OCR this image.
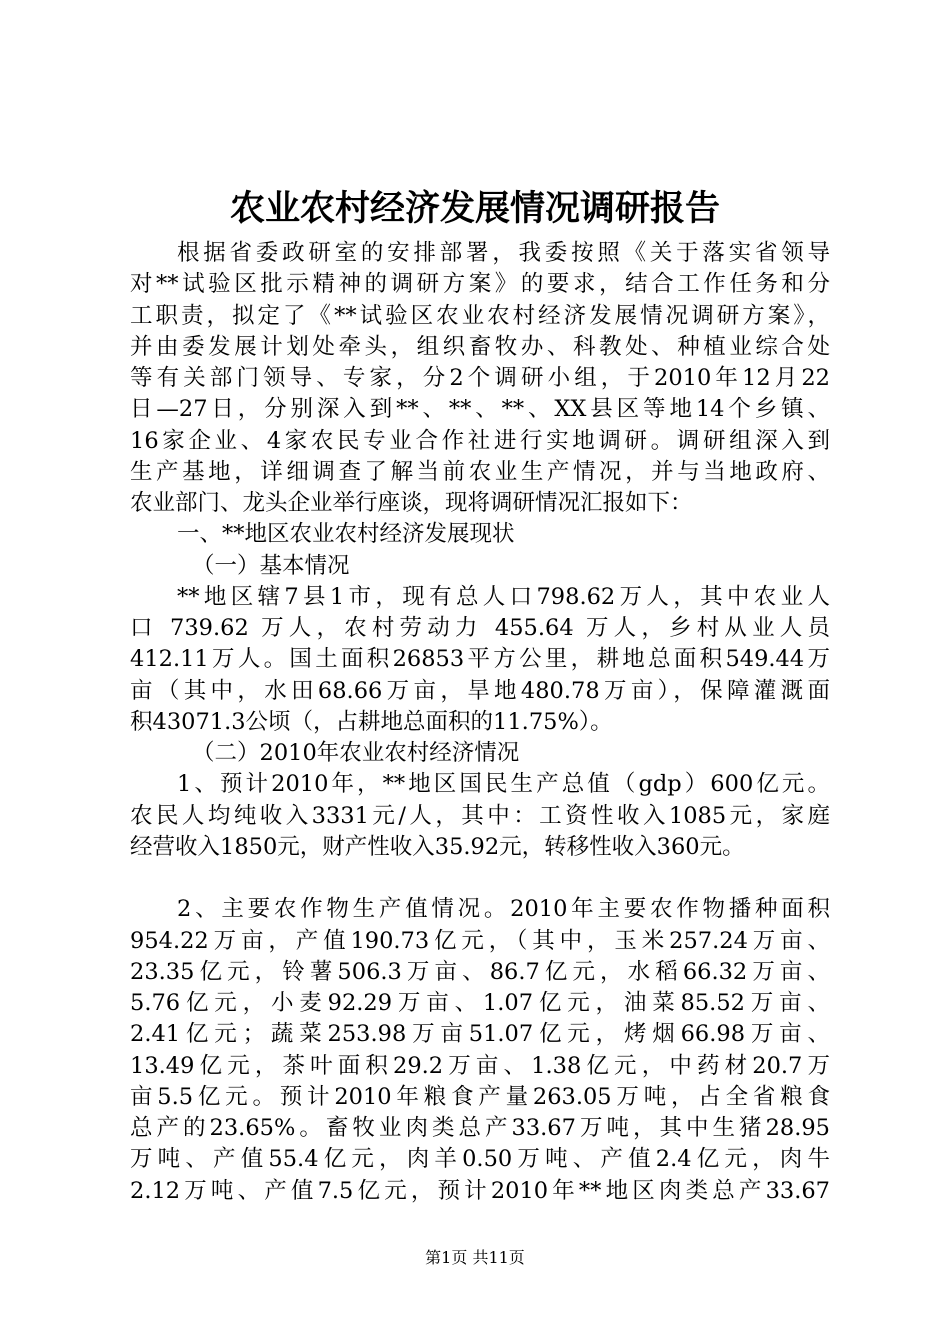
农业农村经济发展情况调研报告
根据省委政研室的安排部署，我委按照《关于落实省领导
对**试验区批示精神的调研方案》的要求，结合工作任务和分
工职责，拟定了《**试验区农业农村经济发展情况调研方案》，
并由委发展计划处牵头，组织畜牧办、科教处、种植业综合处
等有关部门领导、专家，分2个调研小组，于2010年12月22
日—27日，分别深入到**、**、**、XX县区等地14个乡镇、
16家企业、4家农民专业合作社进行实地调研。调研组深入到
生产基地，详细调查了解当前农业生产情况，并与当地政府、
农业部门、龙头企业举行座谈，现将调研情况汇报如下：
一、**地区农业农村经济发展现状
（一）基本情况
**地区辖7县1市，现有总人口798.62万人，其中农业人
口 739.62 万人，农村劳动力 455.64 万人，乡村从业人员
412.11万人。国土面积26853平方公里，耕地总面积549.44万
亩（其中，水田68.66万亩，旱地480.78万亩），保障灌溉面
积43071.3公顷（，占耕地总面积的11.75%）。
（二）2010年农业农村经济情况
1、预计2010年，**地区国民生产总值（gdp）600亿元。
农民人均纯收入3331元/人，其中：工资性收入1085元，家庭
经营收入1850元，财产性收入35.92元，转移性收入360元。
2、主要农作物生产值情况。2010年主要农作物播种面积
954.22万亩，产值190.73亿元，（其中，玉米257.24万亩、
23.35亿元，铃薯506.3万亩、86.7亿元，水稻66.32万亩、
5.76亿元，小麦92.29万亩、1.07亿元，油菜85.52万亩、
2.41亿元；蔬菜253.98万亩51.07亿元，烤烟66.98万亩、
13.49亿元，茶叶面积29.2万亩、1.38亿元，中药材20.7万
亩5.5亿元。预计2010年粮食产量263.05万吨，占全省粮食
总产的23.65%。畜牧业肉类总产33.67万吨，其中生猪28.95
万吨、产值55.4亿元，肉羊0.50万吨、产值2.4亿元，肉牛
2.12万吨、产值7.5亿元，预计2010年**地区肉类总产33.67
第1页 共11页
